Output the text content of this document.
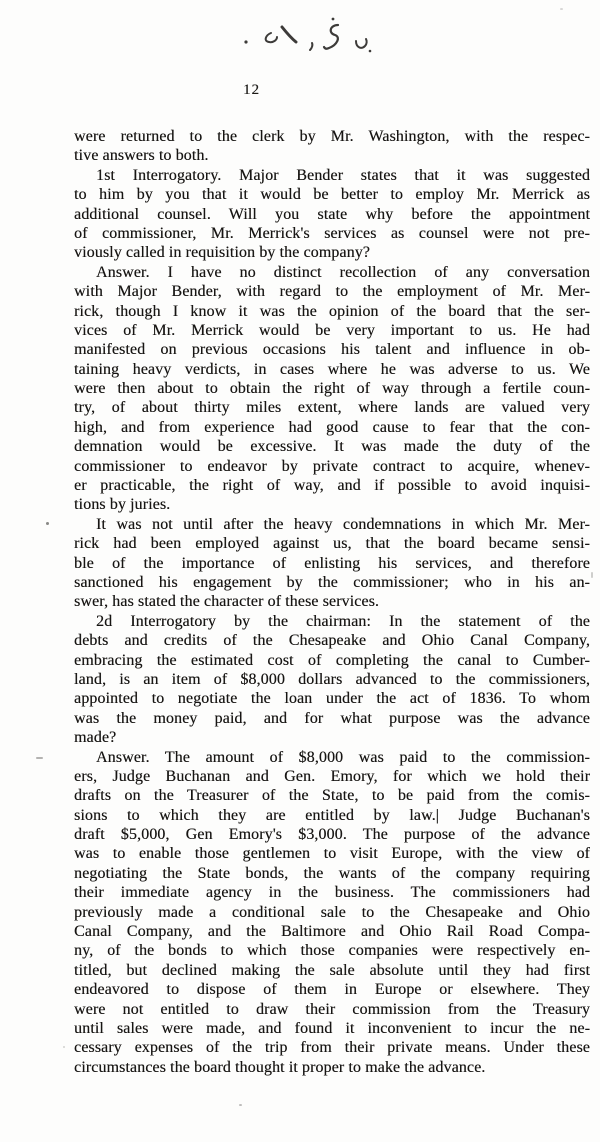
12
were returned to the clerk by Mr. Washington, with the respec-
tive answers to both.
1st Interrogatory. Major Bender states that it was suggested
to him by you that it would be better to employ Mr. Merrick as
additional counsel. Will you state why before the appointment
of commissioner, Mr. Merrick's services as counsel were not pre-
viously called in requisition by the company?
Answer. I have no distinct recollection of any conversation
with Major Bender, with regard to the employment of Mr. Mer-
rick, though I know it was the opinion of the board that the ser-
vices of Mr. Merrick would be very important to us. He had
manifested on previous occasions his talent and influence in ob-
taining heavy verdicts, in cases where he was adverse to us. We
were then about to obtain the right of way through a fertile coun-
try, of about thirty miles extent, where lands are valued very
high, and from experience had good cause to fear that the con-
demnation would be excessive. It was made the duty of the
commissioner to endeavor by private contract to acquire, whenev-
er practicable, the right of way, and if possible to avoid inquisi-
tions by juries.
It was not until after the heavy condemnations in which Mr. Mer-
rick had been employed against us, that the board became sensi-
ble of the importance of enlisting his services, and therefore
sanctioned his engagement by the commissioner; who in his an-
swer, has stated the character of these services.
2d Interrogatory by the chairman: In the statement of the
debts and credits of the Chesapeake and Ohio Canal Company,
embracing the estimated cost of completing the canal to Cumber-
land, is an item of $8,000 dollars advanced to the commissioners,
appointed to negotiate the loan under the act of 1836. To whom
was the money paid, and for what purpose was the advance
made?
Answer. The amount of $8,000 was paid to the commission-
ers, Judge Buchanan and Gen. Emory, for which we hold their
drafts on the Treasurer of the State, to be paid from the comis-
sions to which they are entitled by law.| Judge Buchanan's
draft $5,000, Gen Emory's $3,000. The purpose of the advance
was to enable those gentlemen to visit Europe, with the view of
negotiating the State bonds, the wants of the company requiring
their immediate agency in the business. The commissioners had
previously made a conditional sale to the Chesapeake and Ohio
Canal Company, and the Baltimore and Ohio Rail Road Compa-
ny, of the bonds to which those companies were respectively en-
titled, but declined making the sale absolute until they had first
endeavored to dispose of them in Europe or elsewhere. They
were not entitled to draw their commission from the Treasury
until sales were made, and found it inconvenient to incur the ne-
cessary expenses of the trip from their private means. Under these
circumstances the board thought it proper to make the advance.
